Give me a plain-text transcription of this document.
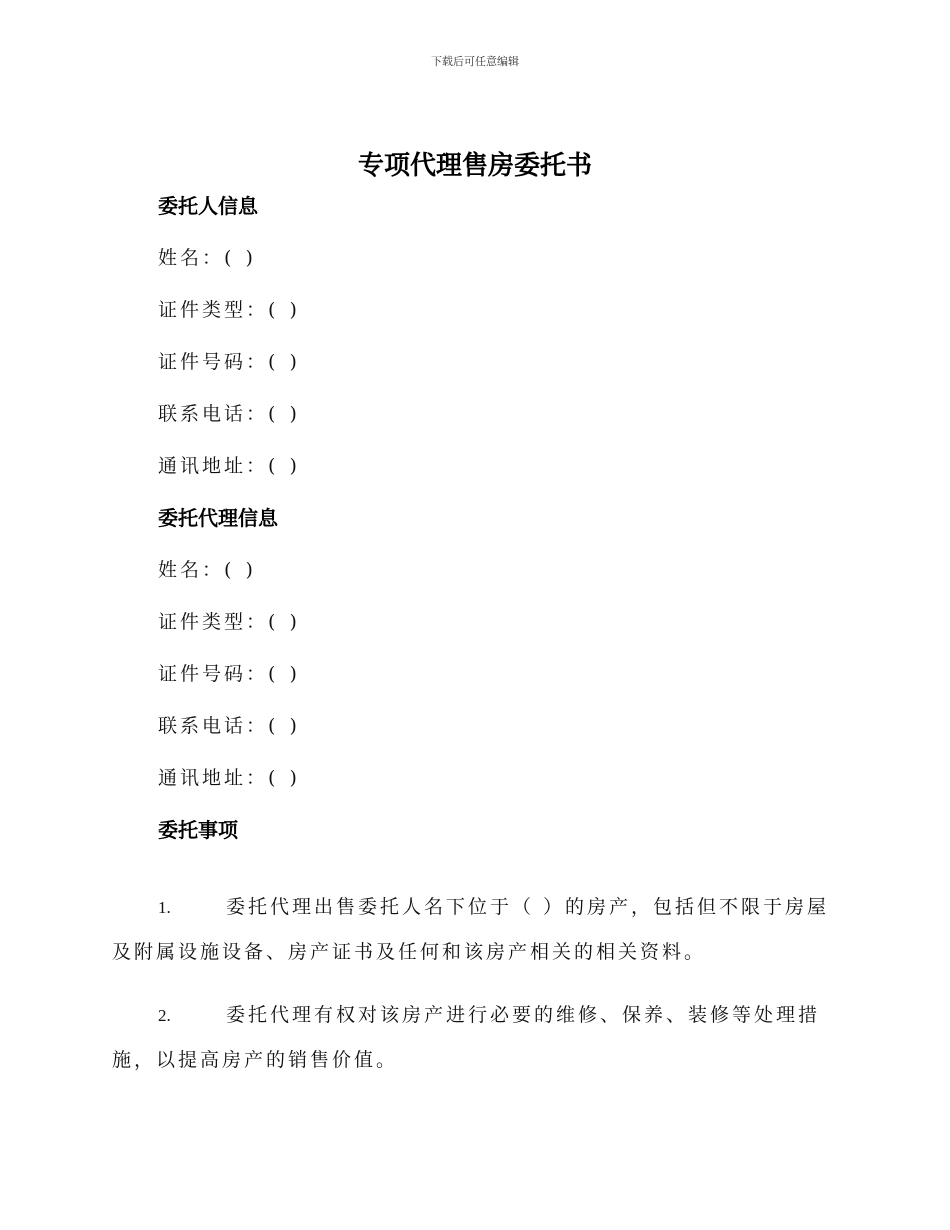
下载后可任意编辑
专项代理售房委托书
委托人信息
姓名：( )
证件类型：( )
证件号码：( )
联系电话：( )
通讯地址：( )
委托代理信息
姓名：( )
证件类型：( )
证件号码：( )
联系电话：( )
通讯地址：( )
委托事项

1.	委托代理出售委托人名下位于（ ）的房产，包括但不限于房屋及附属设施设备、房产证书及任何和该房产相关的相关资料。

2.	委托代理有权对该房产进行必要的维修、保养、装修等处理措施，以提高房产的销售价值。
